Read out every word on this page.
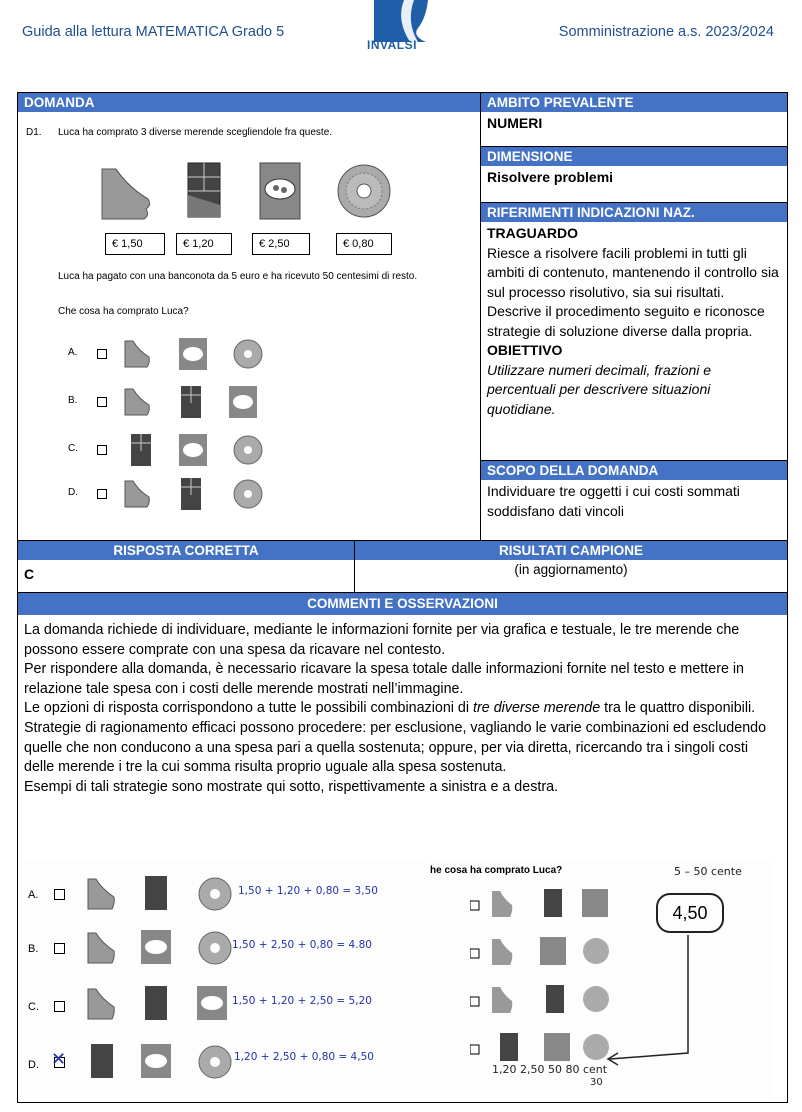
Guida alla lettura MATEMATICA Grado 5
INVALSI
Somministrazione a.s. 2023/2024
DOMANDA
D1. Luca ha comprato 3 diverse merende scegliendole fra queste.
€ 1,50	€ 1,20	€ 2,50	€ 0,80
Luca ha pagato con una banconota da 5 euro e ha ricevuto 50 centesimi di resto.
Che cosa ha comprato Luca?
A.
B.
C.
D.
AMBITO PREVALENTE
NUMERI
DIMENSIONE
Risolvere problemi
RIFERIMENTI INDICAZIONI NAZ.
TRAGUARDO
Riesce a risolvere facili problemi in tutti gli ambiti di contenuto, mantenendo il controllo sia sul processo risolutivo, sia sui risultati. Descrive il procedimento seguito e riconosce strategie di soluzione diverse dalla propria.
OBIETTIVO
Utilizzare numeri decimali, frazioni e percentuali per descrivere situazioni quotidiane.
SCOPO DELLA DOMANDA
Individuare tre oggetti i cui costi sommati soddisfano dati vincoli
RISPOSTA CORRETTA
C
RISULTATI CAMPIONE
(in aggiornamento)
COMMENTI E OSSERVAZIONI
La domanda richiede di individuare, mediante le informazioni fornite per via grafica e testuale, le tre merende che possono essere comprate con una spesa da ricavare nel contesto.
Per rispondere alla domanda, è necessario ricavare la spesa totale dalle informazioni fornite nel testo e mettere in relazione tale spesa con i costi delle merende mostrati nell’immagine.
Le opzioni di risposta corrispondono a tutte le possibili combinazioni di tre diverse merende tra le quattro disponibili.
Strategie di ragionamento efficaci possono procedere: per esclusione, vagliando le varie combinazioni ed escludendo quelle che non conducono a una spesa pari a quella sostenuta; oppure, per via diretta, ricercando tra i singoli costi delle merende i tre la cui somma risulta proprio uguale alla spesa sostenuta.
Esempi di tali strategie sono mostrate qui sotto, rispettivamente a sinistra e a destra.
A.	1,50 + 1,20 + 0,80 = 3,50
B.	1,50 + 2,50 + 0,80 = 4.80
C.	1,50 + 1,20 + 2,50 = 5,20
D. ✕	1,20 + 2,50 + 0,80 = 4,50
he cosa ha comprato Luca?	5 – 50 cente
4,50
1,20 2,50 50 80 cent
30
